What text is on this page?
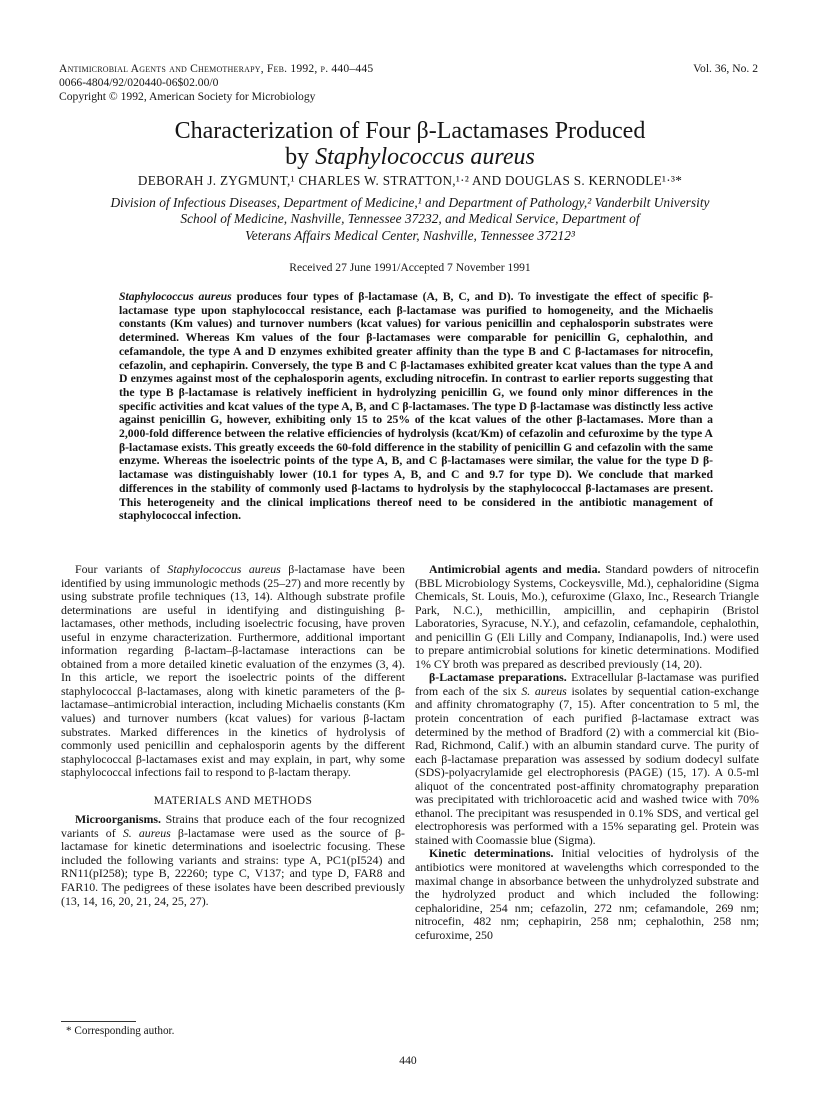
Antimicrobial Agents and Chemotherapy, Feb. 1992, p. 440–445
0066-4804/92/020440-06$02.00/0
Copyright © 1992, American Society for Microbiology
Vol. 36, No. 2
Characterization of Four β-Lactamases Produced
by Staphylococcus aureus
DEBORAH J. ZYGMUNT,¹ CHARLES W. STRATTON,¹·² AND DOUGLAS S. KERNODLE¹·³*
Division of Infectious Diseases, Department of Medicine,¹ and Department of Pathology,² Vanderbilt University
School of Medicine, Nashville, Tennessee 37232, and Medical Service, Department of
Veterans Affairs Medical Center, Nashville, Tennessee 37212³
Received 27 June 1991/Accepted 7 November 1991

Staphylococcus aureus produces four types of β-lactamase (A, B, C, and D). To investigate the effect of specific β-lactamase type upon staphylococcal resistance, each β-lactamase was purified to homogeneity, and the Michaelis constants (Km values) and turnover numbers (kcat values) for various penicillin and cephalosporin substrates were determined. Whereas Km values of the four β-lactamases were comparable for penicillin G, cephalothin, and cefamandole, the type A and D enzymes exhibited greater affinity than the type B and C β-lactamases for nitrocefin, cefazolin, and cephapirin. Conversely, the type B and C β-lactamases exhibited greater kcat values than the type A and D enzymes against most of the cephalosporin agents, excluding nitrocefin. In contrast to earlier reports suggesting that the type B β-lactamase is relatively inefficient in hydrolyzing penicillin G, we found only minor differences in the specific activities and kcat values of the type A, B, and C β-lactamases. The type D β-lactamase was distinctly less active against penicillin G, however, exhibiting only 15 to 25% of the kcat values of the other β-lactamases. More than a 2,000-fold difference between the relative efficiencies of hydrolysis (kcat/Km) of cefazolin and cefuroxime by the type A β-lactamase exists. This greatly exceeds the 60-fold difference in the stability of penicillin G and cefazolin with the same enzyme. Whereas the isoelectric points of the type A, B, and C β-lactamases were similar, the value for the type D β-lactamase was distinguishably lower (10.1 for types A, B, and C and 9.7 for type D). We conclude that marked differences in the stability of commonly used β-lactams to hydrolysis by the staphylococcal β-lactamases are present. This heterogeneity and the clinical implications thereof need to be considered in the antibiotic management of staphylococcal infection.

Four variants of Staphylococcus aureus β-lactamase have been identified by using immunologic methods (25–27) and more recently by using substrate profile techniques (13, 14). Although substrate profile determinations are useful in identifying and distinguishing β-lactamases, other methods, including isoelectric focusing, have proven useful in enzyme characterization. Furthermore, additional important information regarding β-lactam–β-lactamase interactions can be obtained from a more detailed kinetic evaluation of the enzymes (3, 4). In this article, we report the isoelectric points of the different staphylococcal β-lactamases, along with kinetic parameters of the β-lactamase–antimicrobial interaction, including Michaelis constants (Km values) and turnover numbers (kcat values) for various β-lactam substrates. Marked differences in the kinetics of hydrolysis of commonly used penicillin and cephalosporin agents by the different staphylococcal β-lactamases exist and may explain, in part, why some staphylococcal infections fail to respond to β-lactam therapy.

MATERIALS AND METHODS

Microorganisms. Strains that produce each of the four recognized variants of S. aureus β-lactamase were used as the source of β-lactamase for kinetic determinations and isoelectric focusing. These included the following variants and strains: type A, PC1(pI524) and RN11(pI258); type B, 22260; type C, V137; and type D, FAR8 and FAR10. The pedigrees of these isolates have been described previously (13, 14, 16, 20, 21, 24, 25, 27).

Antimicrobial agents and media. Standard powders of nitrocefin (BBL Microbiology Systems, Cockeysville, Md.), cephaloridine (Sigma Chemicals, St. Louis, Mo.), cefuroxime (Glaxo, Inc., Research Triangle Park, N.C.), methicillin, ampicillin, and cephapirin (Bristol Laboratories, Syracuse, N.Y.), and cefazolin, cefamandole, cephalothin, and penicillin G (Eli Lilly and Company, Indianapolis, Ind.) were used to prepare antimicrobial solutions for kinetic determinations. Modified 1% CY broth was prepared as described previously (14, 20).

β-Lactamase preparations. Extracellular β-lactamase was purified from each of the six S. aureus isolates by sequential cation-exchange and affinity chromatography (7, 15). After concentration to 5 ml, the protein concentration of each purified β-lactamase extract was determined by the method of Bradford (2) with a commercial kit (Bio-Rad, Richmond, Calif.) with an albumin standard curve. The purity of each β-lactamase preparation was assessed by sodium dodecyl sulfate (SDS)-polyacrylamide gel electrophoresis (PAGE) (15, 17). A 0.5-ml aliquot of the concentrated post-affinity chromatography preparation was precipitated with trichloroacetic acid and washed twice with 70% ethanol. The precipitant was resuspended in 0.1% SDS, and vertical gel electrophoresis was performed with a 15% separating gel. Protein was stained with Coomassie blue (Sigma).

Kinetic determinations. Initial velocities of hydrolysis of the antibiotics were monitored at wavelengths which corresponded to the maximal change in absorbance between the unhydrolyzed substrate and the hydrolyzed product and which included the following: cephaloridine, 254 nm; cefazolin, 272 nm; cefamandole, 269 nm; nitrocefin, 482 nm; cephapirin, 258 nm; cephalothin, 258 nm; cefuroxime, 250

* Corresponding author.
440
